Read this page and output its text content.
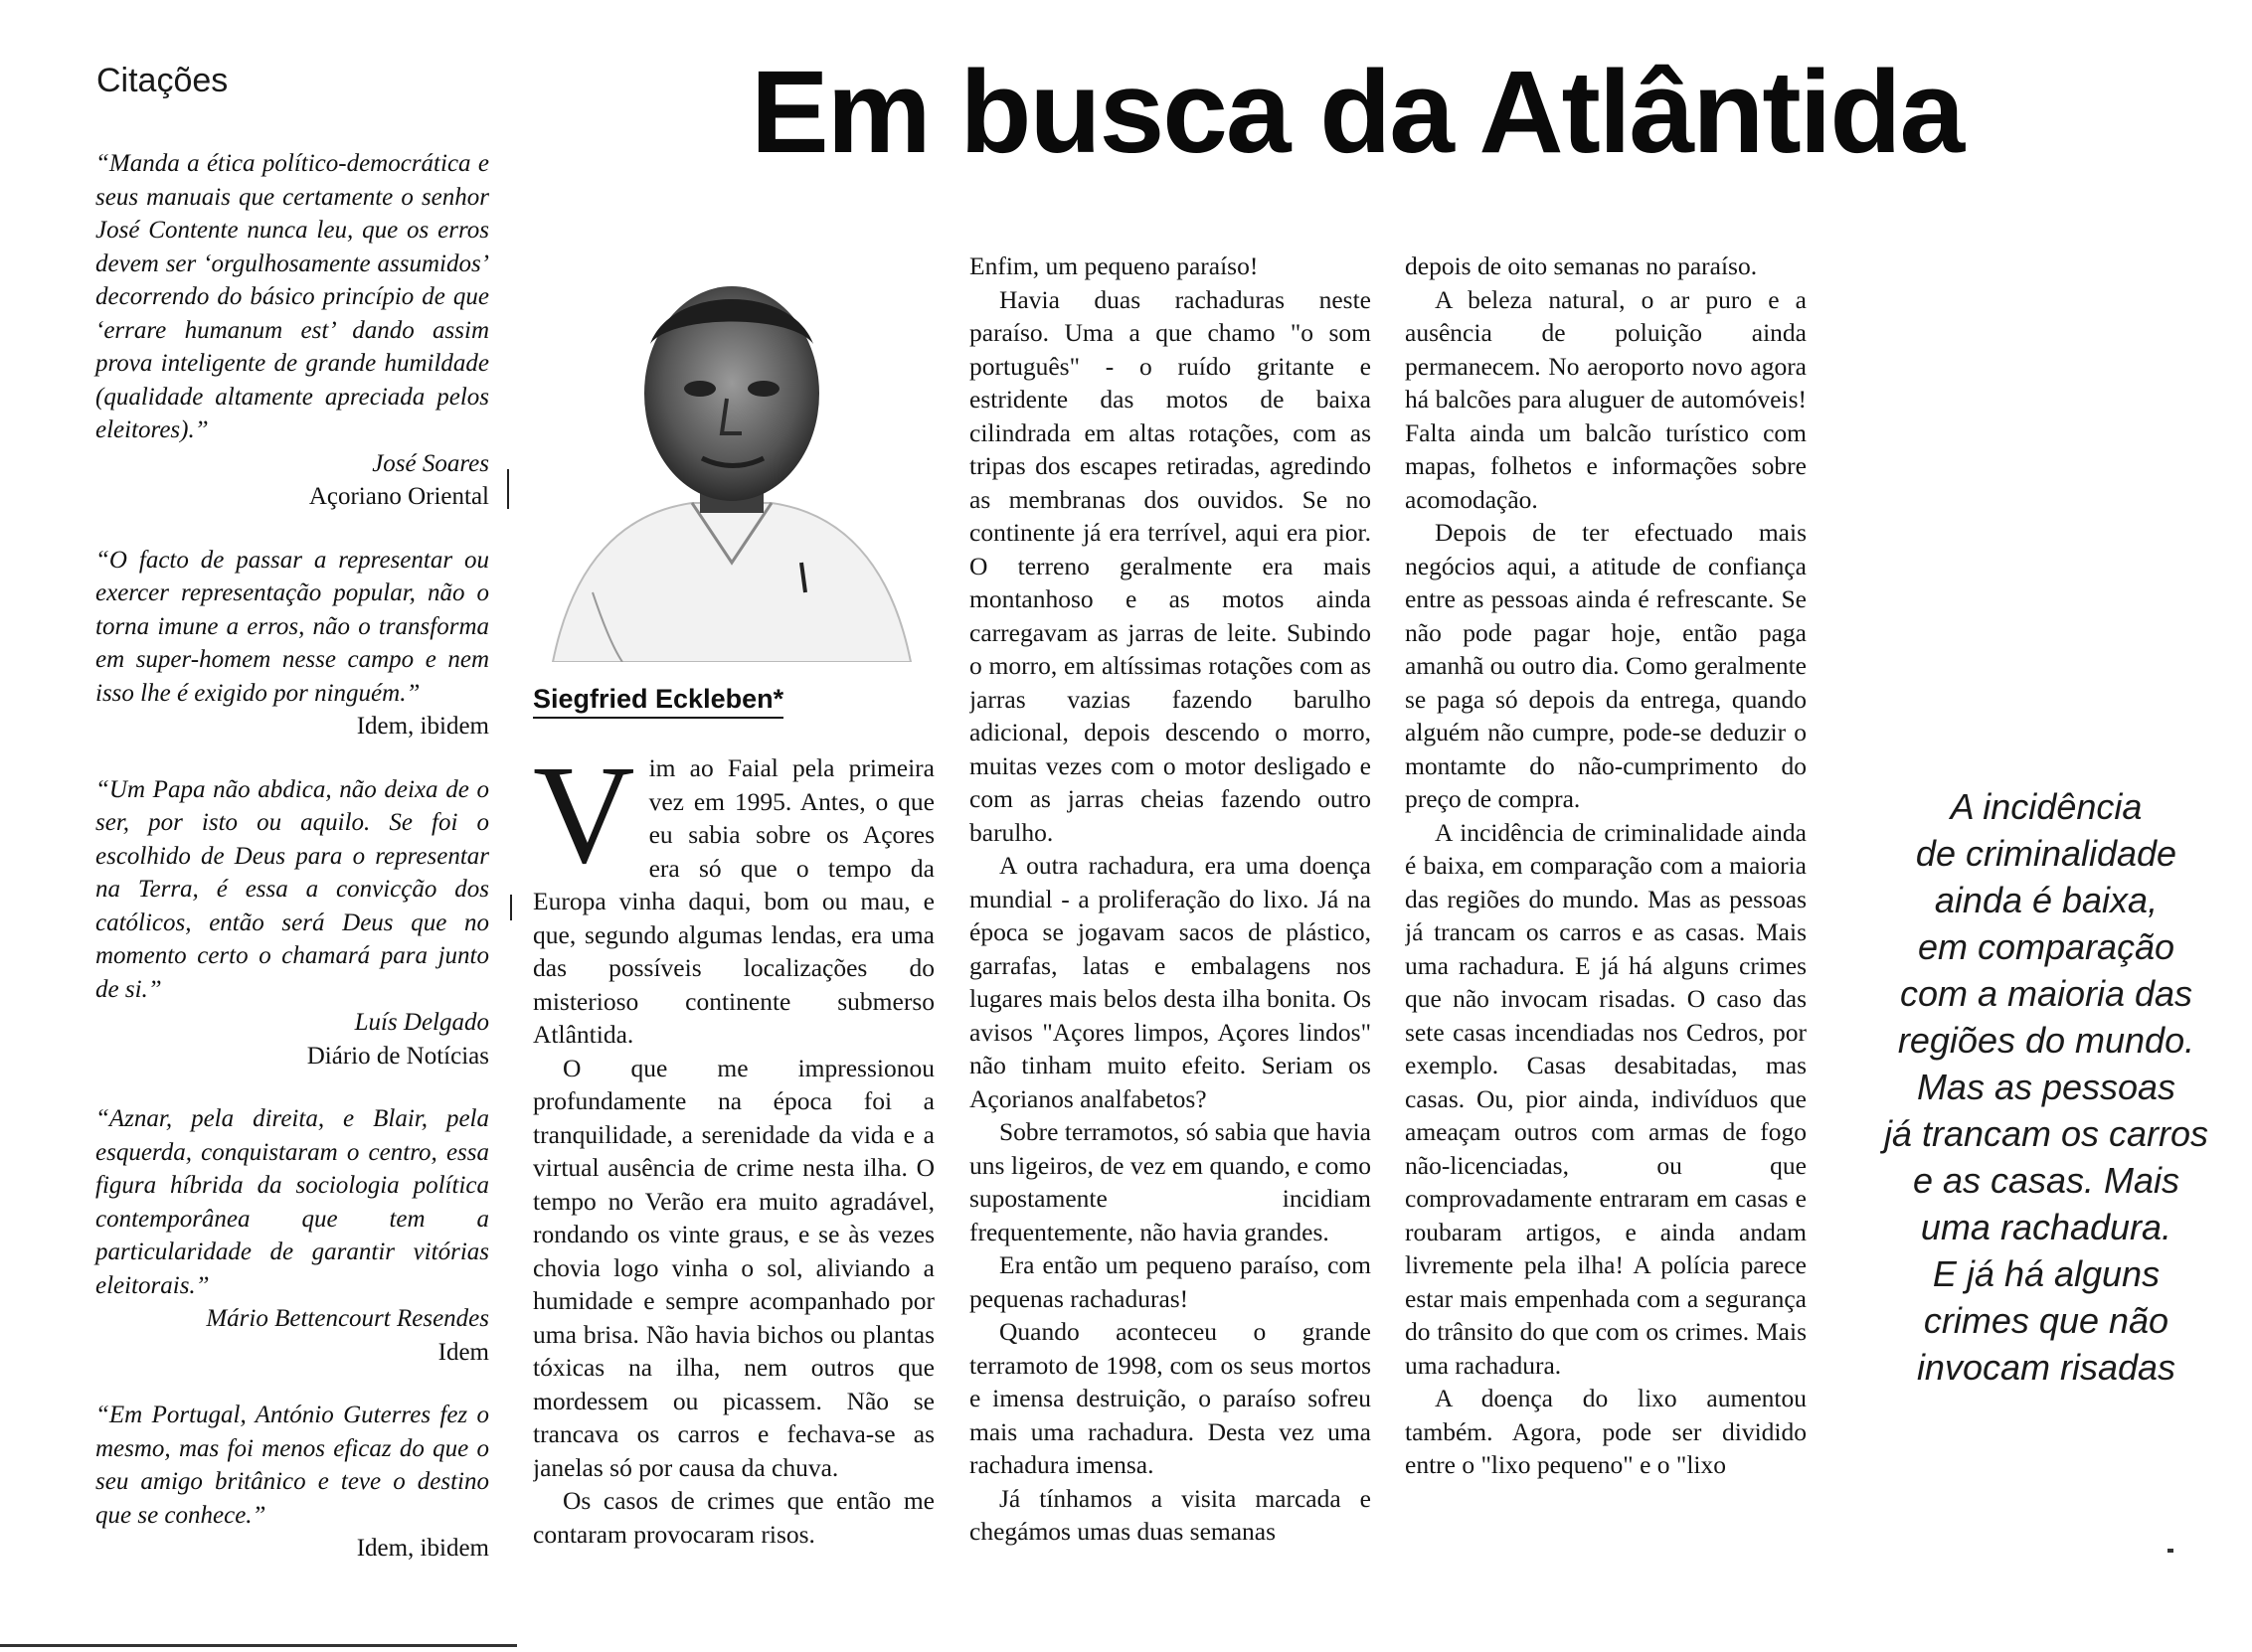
Citações

“Manda a ética político-democrática e seus manuais que certamente o senhor José Contente nunca leu, que os erros devem ser ‘orgulhosamente assumidos’ decorrendo do básico princípio de que ‘errare humanum est’ dando assim prova inteligente de grande humildade (qualidade altamente apreciada pelos eleitores).”

José Soares
Açoriano Oriental

“O facto de passar a representar ou exercer representação popular, não o torna imune a erros, não o transforma em super-homem nesse campo e nem isso lhe é exigido por ninguém.”

Idem, ibidem

“Um Papa não abdica, não deixa de o ser, por isto ou aquilo. Se foi o escolhido de Deus para o representar na Terra, é essa a convicção dos católicos, então será Deus que no momento certo o chamará para junto de si.”

Luís Delgado
Diário de Notícias

“Aznar, pela direita, e Blair, pela esquerda, conquistaram o centro, essa figura híbrida da sociologia política contemporânea que tem a particularidade de garantir vitórias eleitorais.”

Mário Bettencourt Resendes
Idem

“Em Portugal, António Guterres fez o mesmo, mas foi menos eficaz do que o seu amigo britânico e teve o destino que se conhece.”

Idem, ibidem
Em busca da Atlântida
Siegfried Eckleben*
V im ao Faial pela primeira vez em 1995. Antes, o que eu sabia sobre os Açores era só que o tempo da Europa vinha daqui, bom ou mau, e que, segundo algumas lendas, era uma das possíveis localizações do misterioso continente submerso Atlântida.

O que me impressionou profundamente na época foi a tranquilidade, a serenidade da vida e a virtual ausência de crime nesta ilha. O tempo no Verão era muito agradável, rondando os vinte graus, e se às vezes chovia logo vinha o sol, aliviando a humidade e sempre acompanhado por uma brisa. Não havia bichos ou plantas tóxicas na ilha, nem outros que mordessem ou picassem. Não se trancava os carros e fechava-se as janelas só por causa da chuva.

Os casos de crimes que então me contaram provocaram risos.

Enfim, um pequeno paraíso!

Havia duas rachaduras neste paraíso. Uma a que chamo "o som português" - o ruído gritante e estridente das motos de baixa cilindrada em altas rotações, com as tripas dos escapes retiradas, agredindo as membranas dos ouvidos. Se no continente já era terrível, aqui era pior. O terreno geralmente era mais montanhoso e as motos ainda carregavam as jarras de leite. Subindo o morro, em altíssimas rotações com as jarras vazias fazendo barulho adicional, depois descendo o morro, muitas vezes com o motor desligado e com as jarras cheias fazendo outro barulho.

A outra rachadura, era uma doença mundial - a proliferação do lixo. Já na época se jogavam sacos de plástico, garrafas, latas e embalagens nos lugares mais belos desta ilha bonita. Os avisos "Açores limpos, Açores lindos" não tinham muito efeito. Seriam os Açorianos analfabetos?

Sobre terramotos, só sabia que havia uns ligeiros, de vez em quando, e como supostamente incidiam frequentemente, não havia grandes.

Era então um pequeno paraíso, com pequenas rachaduras!

Quando aconteceu o grande terramoto de 1998, com os seus mortos e imensa destruição, o paraíso sofreu mais uma rachadura. Desta vez uma rachadura imensa.

Já tínhamos a visita marcada e chegámos umas duas semanas

depois de oito semanas no paraíso.

A beleza natural, o ar puro e a ausência de poluição ainda permanecem. No aeroporto novo agora há balcões para aluguer de automóveis! Falta ainda um balcão turístico com mapas, folhetos e informações sobre acomodação.

Depois de ter efectuado mais negócios aqui, a atitude de confiança entre as pessoas ainda é refrescante. Se não pode pagar hoje, então paga amanhã ou outro dia. Como geralmente se paga só depois da entrega, quando alguém não cumpre, pode-se deduzir o montamte do não-cumprimento do preço de compra.

A incidência de criminalidade ainda é baixa, em comparação com a maioria das regiões do mundo. Mas as pessoas já trancam os carros e as casas. Mais uma rachadura. E já há alguns crimes que não invocam risadas. O caso das sete casas incendiadas nos Cedros, por exemplo. Casas desabitadas, mas casas. Ou, pior ainda, indivíduos que ameaçam outros com armas de fogo não-licenciadas, ou que comprovadamente entraram em casas e roubaram artigos, e ainda andam livremente pela ilha! A polícia parece estar mais empenhada com a segurança do trânsito do que com os crimes. Mais uma rachadura.

A doença do lixo aumentou também. Agora, pode ser dividido entre o "lixo pequeno" e o "lixo

A incidência
de criminalidade
ainda é baixa,
em comparação
com a maioria das
regiões do mundo.
Mas as pessoas
já trancam os carros
e as casas. Mais
uma rachadura.
E já há alguns
crimes que não
invocam risadas
